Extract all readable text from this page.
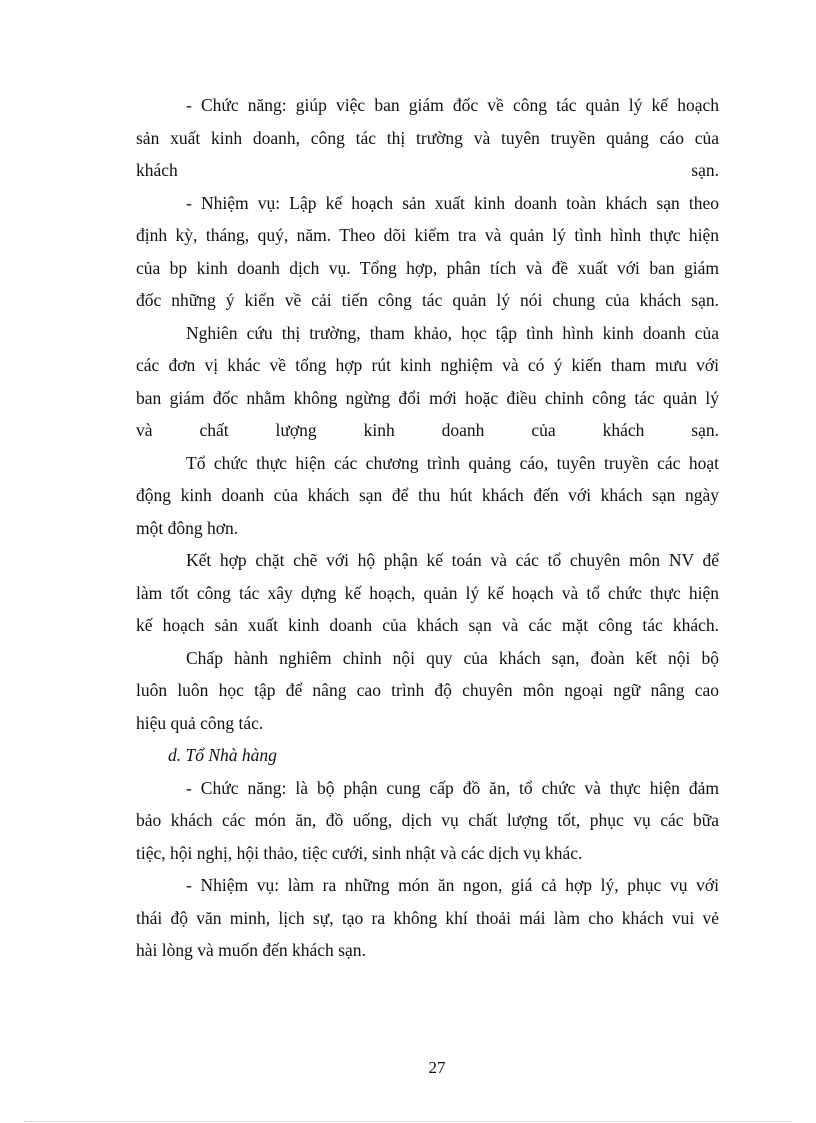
- Chức năng: giúp việc ban giám đốc về công tác quản lý kế hoạch
sản xuất kinh doanh, công tác thị trường và tuyên truyền quảng cáo của
khách sạn.
- Nhiệm vụ: Lập kế hoạch sản xuất kinh doanh toàn khách sạn theo
định kỳ, tháng, quý, năm. Theo dõi kiểm tra và quản lý tình hình thực hiện
của bp kinh doanh dịch vụ. Tổng hợp, phân tích và đề xuất với ban giám
đốc những ý kiến về cải tiến công tác quản lý nói chung của khách sạn.
Nghiên cứu thị trường, tham khảo, học tập tình hình kinh doanh của
các đơn vị khác về tổng hợp rút kinh nghiệm và có ý kiến tham mưu với
ban giám đốc nhằm không ngừng đổi mới hoặc điều chỉnh công tác quản lý
và chất lượng kinh doanh của khách sạn.
Tổ chức thực hiện các chương trình quảng cáo, tuyên truyền các hoạt
động kinh doanh của khách sạn để thu hút khách đến với khách sạn ngày
một đông hơn.
Kết hợp chặt chẽ với hộ phận kế toán và các tổ chuyên môn NV để
làm tốt công tác xây dựng kế hoạch, quản lý kế hoạch và tổ chức thực hiện
kế hoạch sản xuất kinh doanh của khách sạn và các mặt công tác khách.
Chấp hành nghiêm chỉnh nội quy của khách sạn, đoàn kết nội bộ
luôn luôn học tập để nâng cao trình độ chuyên môn ngoại ngữ nâng cao
hiệu quả công tác.
d. Tổ Nhà hàng
- Chức năng: là bộ phận cung cấp đồ ăn, tổ chức và thực hiện đảm
bảo khách các món ăn, đồ uống, dịch vụ chất lượng tốt, phục vụ các bữa
tiệc, hội nghị, hội thảo, tiệc cưới, sinh nhật và các dịch vụ khác.
- Nhiệm vụ: làm ra những món ăn ngon, giá cả hợp lý, phục vụ với
thái độ văn minh, lịch sự, tạo ra không khí thoải mái làm cho khách vui vẻ
hài lòng và muốn đến khách sạn.
27
